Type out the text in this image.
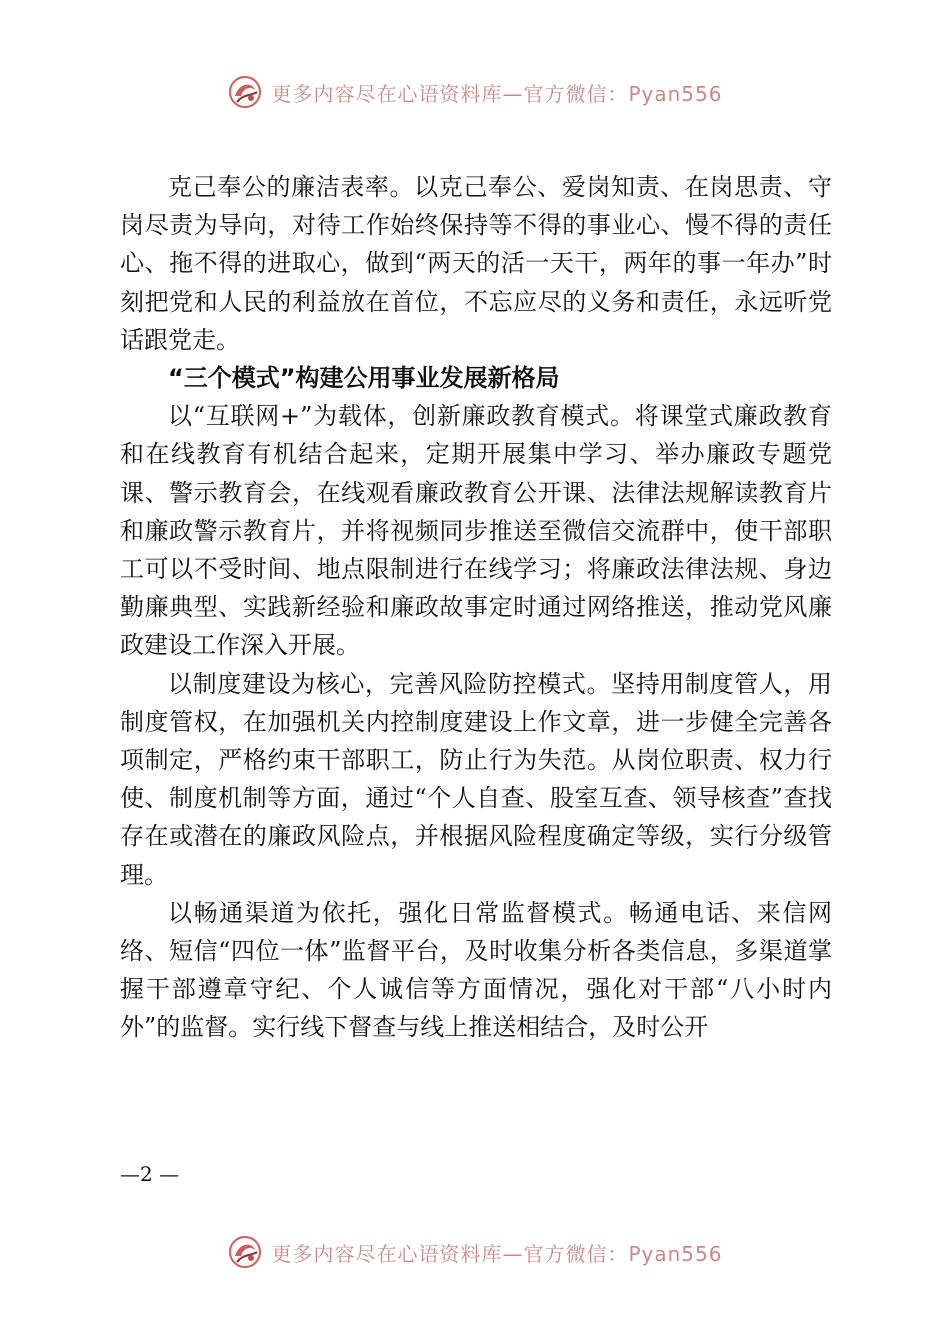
更多内容尽在心语资料库—官方微信：Pyan556

克己奉公的廉洁表率。以克己奉公、爱岗知责、在岗思责、守岗尽责为导向，对待工作始终保持等不得的事业心、慢不得的责任心、拖不得的进取心，做到“两天的活一天干，两年的事一年办”时刻把党和人民的利益放在首位，不忘应尽的义务和责任，永远听党话跟党走。

“三个模式”构建公用事业发展新格局

以“互联网+”为载体，创新廉政教育模式。将课堂式廉政教育和在线教育有机结合起来，定期开展集中学习、举办廉政专题党课、警示教育会，在线观看廉政教育公开课、法律法规解读教育片和廉政警示教育片，并将视频同步推送至微信交流群中，使干部职工可以不受时间、地点限制进行在线学习；将廉政法律法规、身边勤廉典型、实践新经验和廉政故事定时通过网络推送，推动党风廉政建设工作深入开展。

以制度建设为核心，完善风险防控模式。坚持用制度管人，用制度管权，在加强机关内控制度建设上作文章，进一步健全完善各项制定，严格约束干部职工，防止行为失范。从岗位职责、权力行使、制度机制等方面，通过“个人自查、股室互查、领导核查”查找存在或潜在的廉政风险点，并根据风险程度确定等级，实行分级管理。

以畅通渠道为依托，强化日常监督模式。畅通电话、来信网络、短信“四位一体”监督平台，及时收集分析各类信息，多渠道掌握干部遵章守纪、个人诚信等方面情况，强化对干部“八小时内外”的监督。实行线下督查与线上推送相结合，及时公开

—2 —
更多内容尽在心语资料库—官方微信：Pyan556
